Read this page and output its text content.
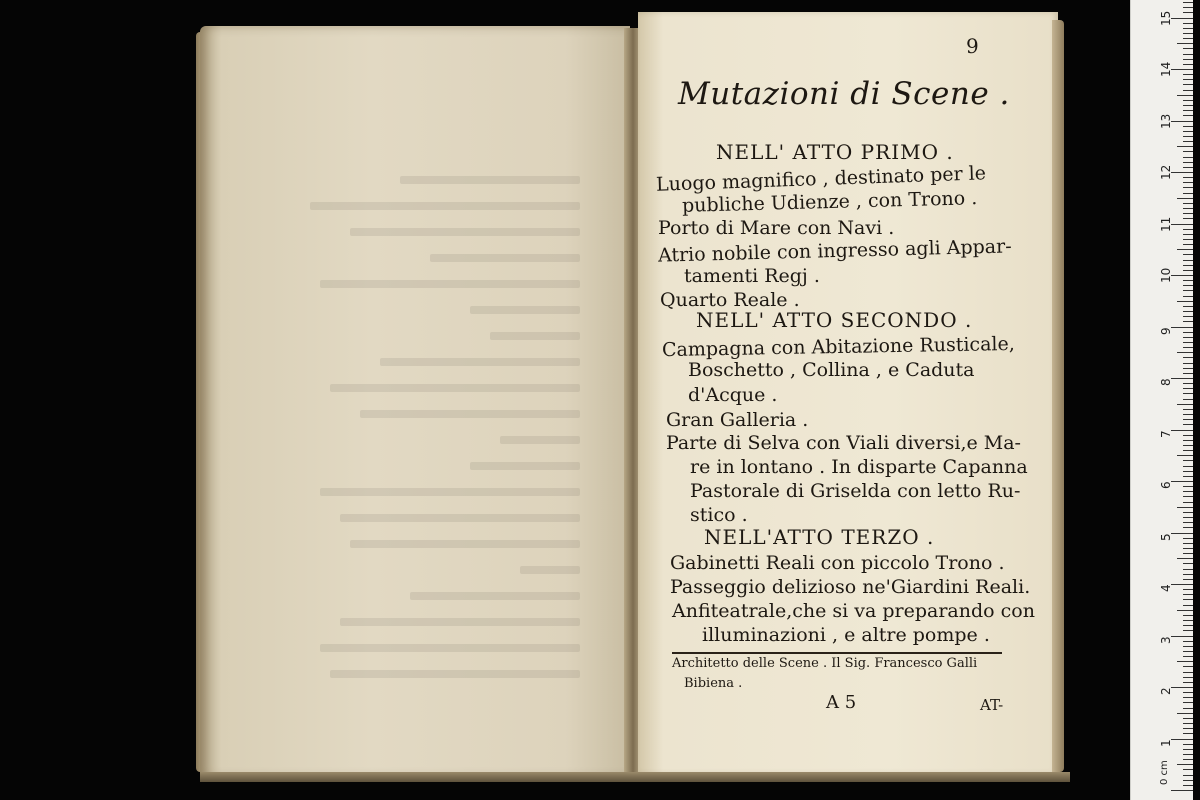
9
Mutazioni di Scene .
NELL' ATTO PRIMO .
Luogo magnifico , destinato per le
publiche Udienze , con Trono .
Porto di Mare con Navi .
Atrio nobile con ingresso agli Appar-
tamenti Regj .
Quarto Reale .
NELL' ATTO SECONDO .
Campagna con Abitazione Rusticale,
Boschetto , Collina , e Caduta
d'Acque .
Gran Galleria .
Parte di Selva con Viali diversi,e Ma-
re in lontano . In disparte Capanna
Pastorale di Griselda con letto Ru-
stico .
NELL'ATTO TERZO .
Gabinetti Reali con piccolo Trono .
Passeggio delizioso ne'Giardini Reali.
Anfiteatrale,che si va preparando con
illuminazioni , e altre pompe .
Architetto delle Scene . Il Sig. Francesco Galli
Bibiena .
A 5	AT-
0 cm
1
2
3
4
5
6
7
8
9
10
11
12
13
14
15
